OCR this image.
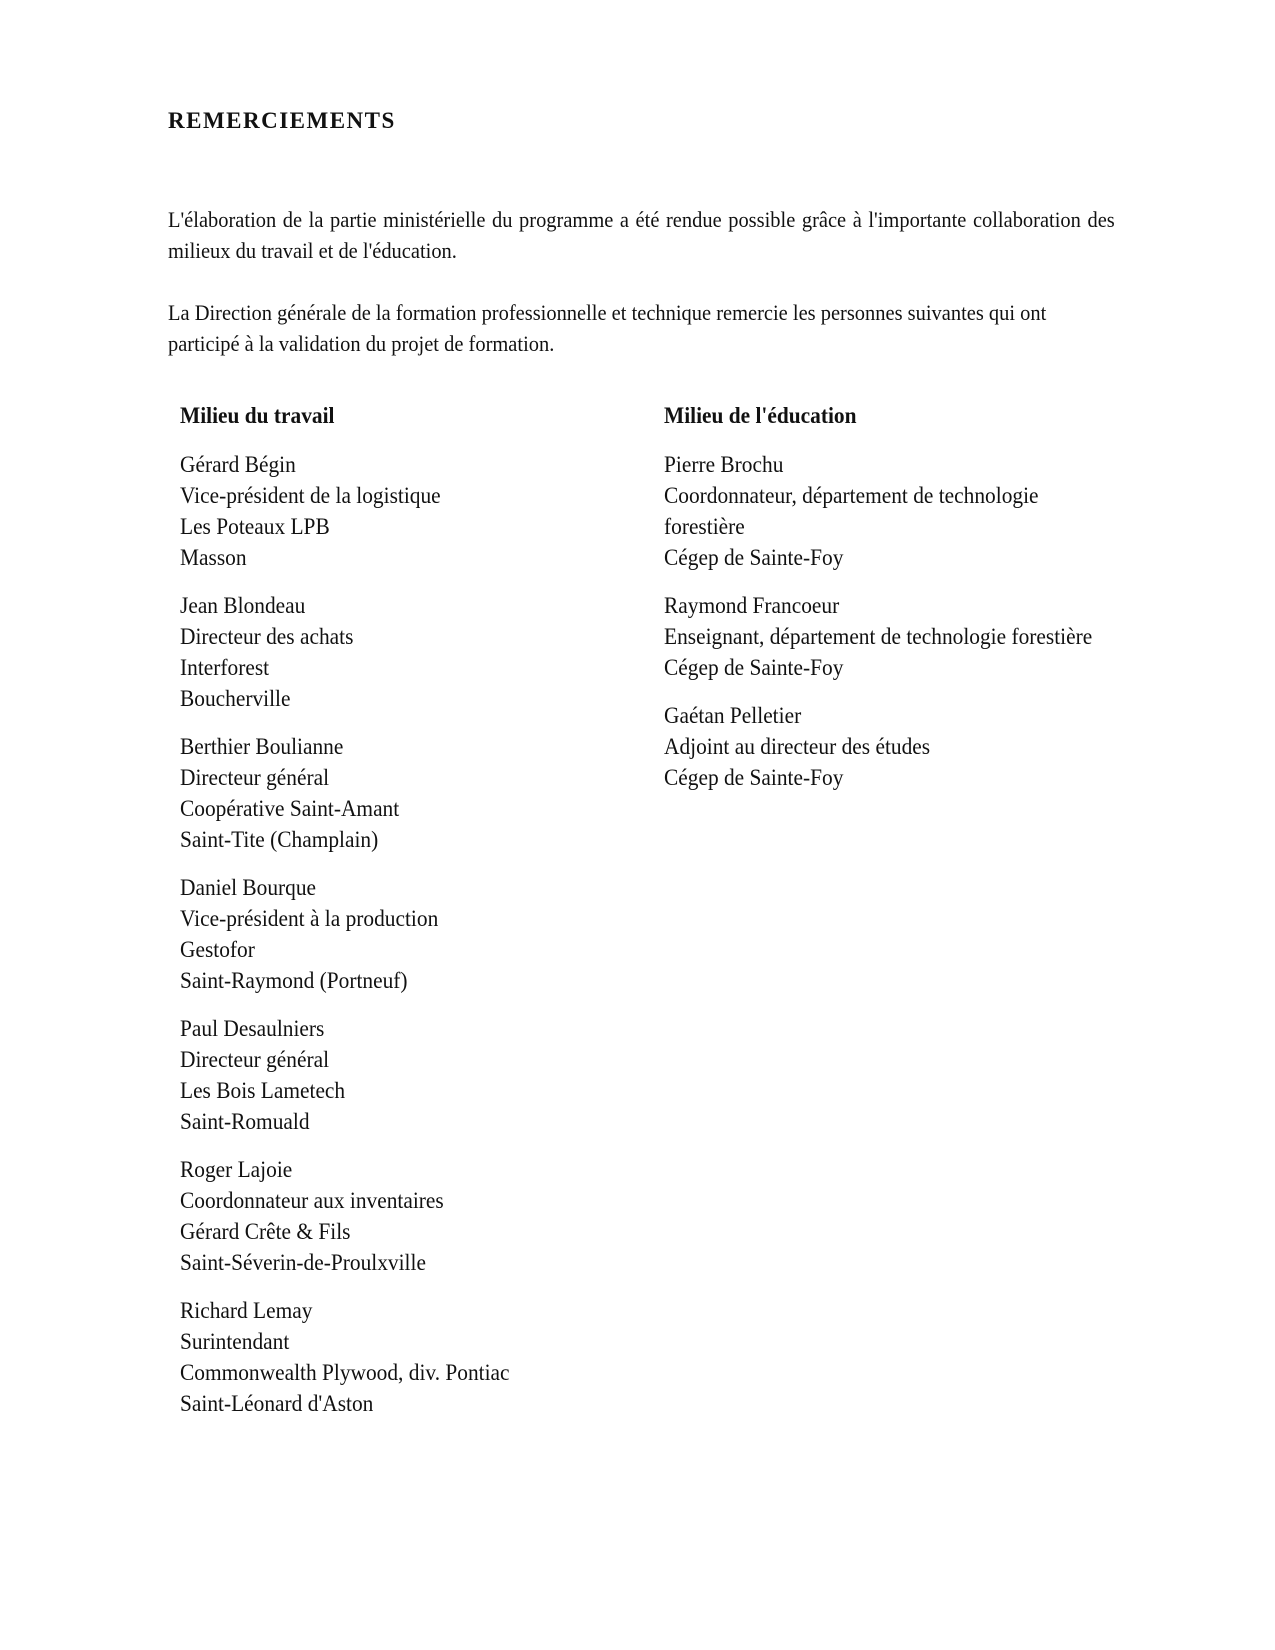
REMERCIEMENTS
L'élaboration de la partie ministérielle du programme a été rendue possible grâce à l'importante collaboration des milieux du travail et de l'éducation.
La Direction générale de la formation professionnelle et technique remercie les personnes suivantes qui ont participé à la validation du projet de formation.
Milieu du travail
Gérard Bégin
Vice-président de la logistique
Les Poteaux LPB
Masson
Jean Blondeau
Directeur des achats
Interforest
Boucherville
Berthier Boulianne
Directeur général
Coopérative Saint-Amant
Saint-Tite (Champlain)
Daniel Bourque
Vice-président à la production
Gestofor
Saint-Raymond (Portneuf)
Paul Desaulniers
Directeur général
Les Bois Lametech
Saint-Romuald
Roger Lajoie
Coordonnateur aux inventaires
Gérard Crête & Fils
Saint-Séverin-de-Proulxville
Richard Lemay
Surintendant
Commonwealth Plywood, div. Pontiac
Saint-Léonard d'Aston
Milieu de l'éducation
Pierre Brochu
Coordonnateur, département de technologie forestière
Cégep de Sainte-Foy
Raymond Francoeur
Enseignant, département de technologie forestière
Cégep de Sainte-Foy
Gaétan Pelletier
Adjoint au directeur des études
Cégep de Sainte-Foy
